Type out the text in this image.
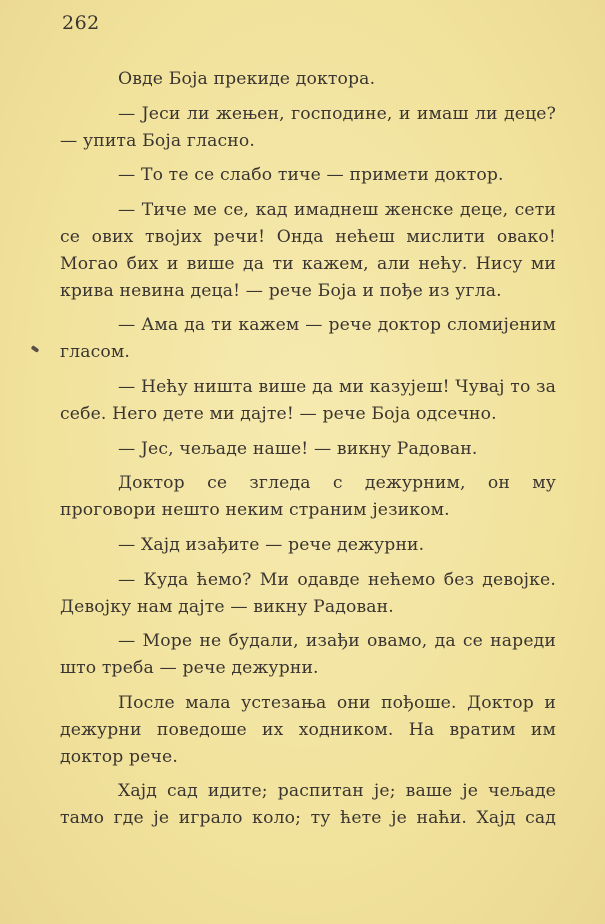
262

Овде Боја прекиде доктора.

— Јеси ли жењен, господине, и имаш ли деце? — упита Боја гласно.

— То те се слабо тиче — примети доктор.

— Тиче ме се, кад имаднеш женске деце, сети се ових твојих речи! Онда нећеш мислити овако! Могао бих и више да ти кажем, али нећу. Нису ми крива невина деца! — рече Боја и пође из угла.

— Ама да ти кажем — рече доктор сломијеним гласом.

— Нећу ништа више да ми казујеш! Чувај то за себе. Него дете ми дајте! — рече Боја одсечно.

— Јес, чељаде наше! — викну Радован.

Доктор се згледа с дежурним, он му проговори нешто неким страним језиком.

— Хајд изађите — рече дежурни.

— Куда ћемо? Ми одавде нећемо без девојке. Девојку нам дајте — викну Радован.

— Море не будали, изађи овамо, да се нареди што треба — рече дежурни.

После мала устезања они пођоше. Доктор и дежурни поведоше их ходником. На вратим им доктор рече.

Хајд сад идите; распитан је; ваше је чељаде тамо где је играло коло; ту ћете је наћи. Хајд сад
